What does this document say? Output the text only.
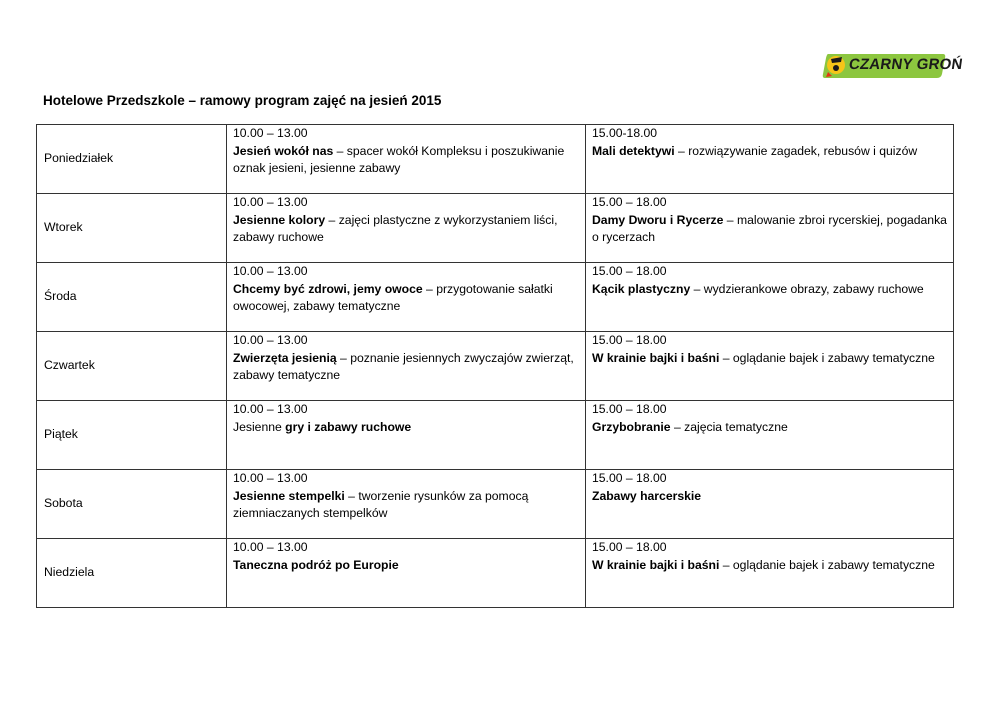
CZARNY GROŃ
Hotelowe Przedszkole – ramowy program zajęć na jesień 2015
Poniedziałek	10.00 – 13.00
Jesień wokół nas – spacer wokół Kompleksu i poszukiwanie oznak jesieni, jesienne zabawy	15.00-18.00
Mali detektywi – rozwiązywanie zagadek, rebusów i quizów

Wtorek	10.00 – 13.00
Jesienne kolory – zajęci plastyczne z wykorzystaniem liści, zabawy ruchowe	15.00 – 18.00
Damy Dworu i Rycerze – malowanie zbroi rycerskiej, pogadanka o rycerzach

Środa	10.00 – 13.00
Chcemy być zdrowi, jemy owoce – przygotowanie sałatki owocowej, zabawy tematyczne	15.00 – 18.00
Kącik plastyczny – wydzierankowe obrazy, zabawy ruchowe

Czwartek	10.00 – 13.00
Zwierzęta jesienią – poznanie jesiennych zwyczajów zwierząt, zabawy tematyczne	15.00 – 18.00
W krainie bajki i baśni – oglądanie bajek i zabawy tematyczne

Piątek	10.00 – 13.00
Jesienne gry i zabawy ruchowe	15.00 – 18.00
Grzybobranie – zajęcia tematyczne

Sobota	10.00 – 13.00
Jesienne stempelki – tworzenie rysunków za pomocą ziemniaczanych stempelków	15.00 – 18.00
Zabawy harcerskie

Niedziela	10.00 – 13.00
Taneczna podróż po Europie	15.00 – 18.00
W krainie bajki i baśni – oglądanie bajek i zabawy tematyczne
